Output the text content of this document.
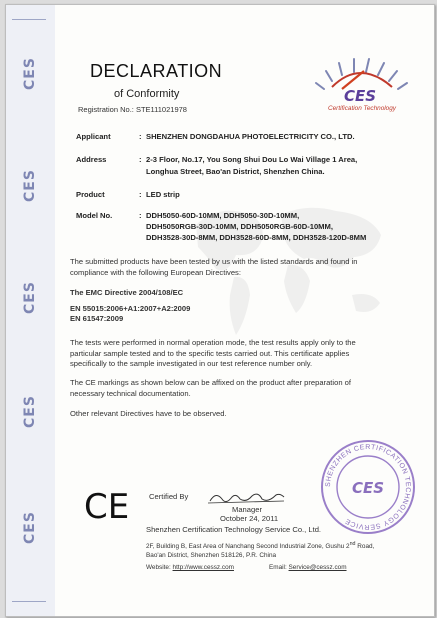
CES
CES
CES
CES
CES
DECLARATION
of Conformity
Registration No.: STE111021978
CES
Certification Technology
Applicant	: SHENZHEN DONGDAHUA PHOTOELECTRICITY CO., LTD.
Address	: 2-3 Floor, No.17, You Song Shui Dou Lo Wai Village 1 Area,
Longhua Street, Bao'an District, Shenzhen China.
Product	: LED strip
Model No.	: DDH5050-60D-10MM, DDH5050-30D-10MM,
DDH5050RGB-30D-10MM, DDH5050RGB-60D-10MM,
DDH3528-30D-8MM, DDH3528-60D-8MM, DDH3528-120D-8MM
The submitted products have been tested by us with the listed standards and found in
compliance with the following European Directives:
The EMC Directive 2004/108/EC
EN 55015:2006+A1:2007+A2:2009
EN 61547:2009
The tests were performed in normal operation mode, the test results apply only to the
particular sample tested and to the specific tests carried out. This certificate applies
specifically to the sample investigated in our test reference number only.
The CE markings as shown below can be affixed on the product after preparation of
necessary technical documentation.
Other relevant Directives have to be observed.
CE	Certified By
Manager
October 24, 2011
SHENZHEN CERTIFICATION TECHNOLOGY SERVICE
CES
Shenzhen Certification Technology Service Co., Ltd.
2F, Building B, East Area of Nanchang Second Industrial Zone, Gushu 2nd Road,
Bao'an District, Shenzhen 518126, P.R. China
Website: http://www.cessz.com	Email: Service@cessz.com
